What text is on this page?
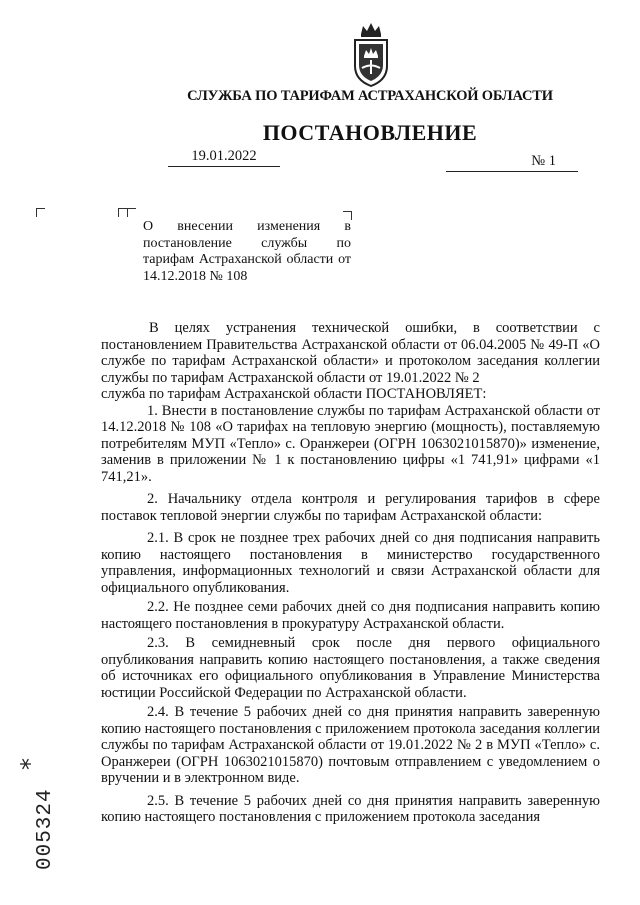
СЛУЖБА ПО ТАРИФАМ АСТРАХАНСКОЙ ОБЛАСТИ
ПОСТАНОВЛЕНИЕ
19.01.2022	№ 1
О внесении изменения в постановление службы по тарифам Астраханской области от 14.12.2018 № 108

В целях устранения технической ошибки, в соответствии с постановлением Правительства Астраханской области от 06.04.2005 № 49-П «О службе по тарифам Астраханской области» и протоколом заседания коллегии службы по тарифам Астраханской области от 19.01.2022 № 2

служба по тарифам Астраханской области ПОСТАНОВЛЯЕТ:

1. Внести в постановление службы по тарифам Астраханской области от 14.12.2018 № 108 «О тарифах на тепловую энергию (мощность), поставляемую потребителям МУП «Тепло» с. Оранжереи (ОГРН 1063021015870)» изменение, заменив в приложении № 1 к постановлению цифры «1 741,91» цифрами «1 741,21».

2. Начальнику отдела контроля и регулирования тарифов в сфере поставок тепловой энергии службы по тарифам Астраханской области:

2.1. В срок не позднее трех рабочих дней со дня подписания направить копию настоящего постановления в министерство государственного управления, информационных технологий и связи Астраханской области для официального опубликования.

2.2. Не позднее семи рабочих дней со дня подписания направить копию настоящего постановления в прокуратуру Астраханской области.

2.3. В семидневный срок после дня первого официального опубликования направить копию настоящего постановления, а также сведения об источниках его официального опубликования в Управление Министерства юстиции Российской Федерации по Астраханской области.

2.4. В течение 5 рабочих дней со дня принятия направить заверенную копию настоящего постановления с приложением протокола заседания коллегии службы по тарифам Астраханской области от 19.01.2022 № 2 в МУП «Тепло» с. Оранжереи (ОГРН 1063021015870) почтовым отправлением с уведомлением о вручении и в электронном виде.

2.5. В течение 5 рабочих дней со дня принятия направить заверенную копию настоящего постановления с приложением протокола заседания

*
005324
